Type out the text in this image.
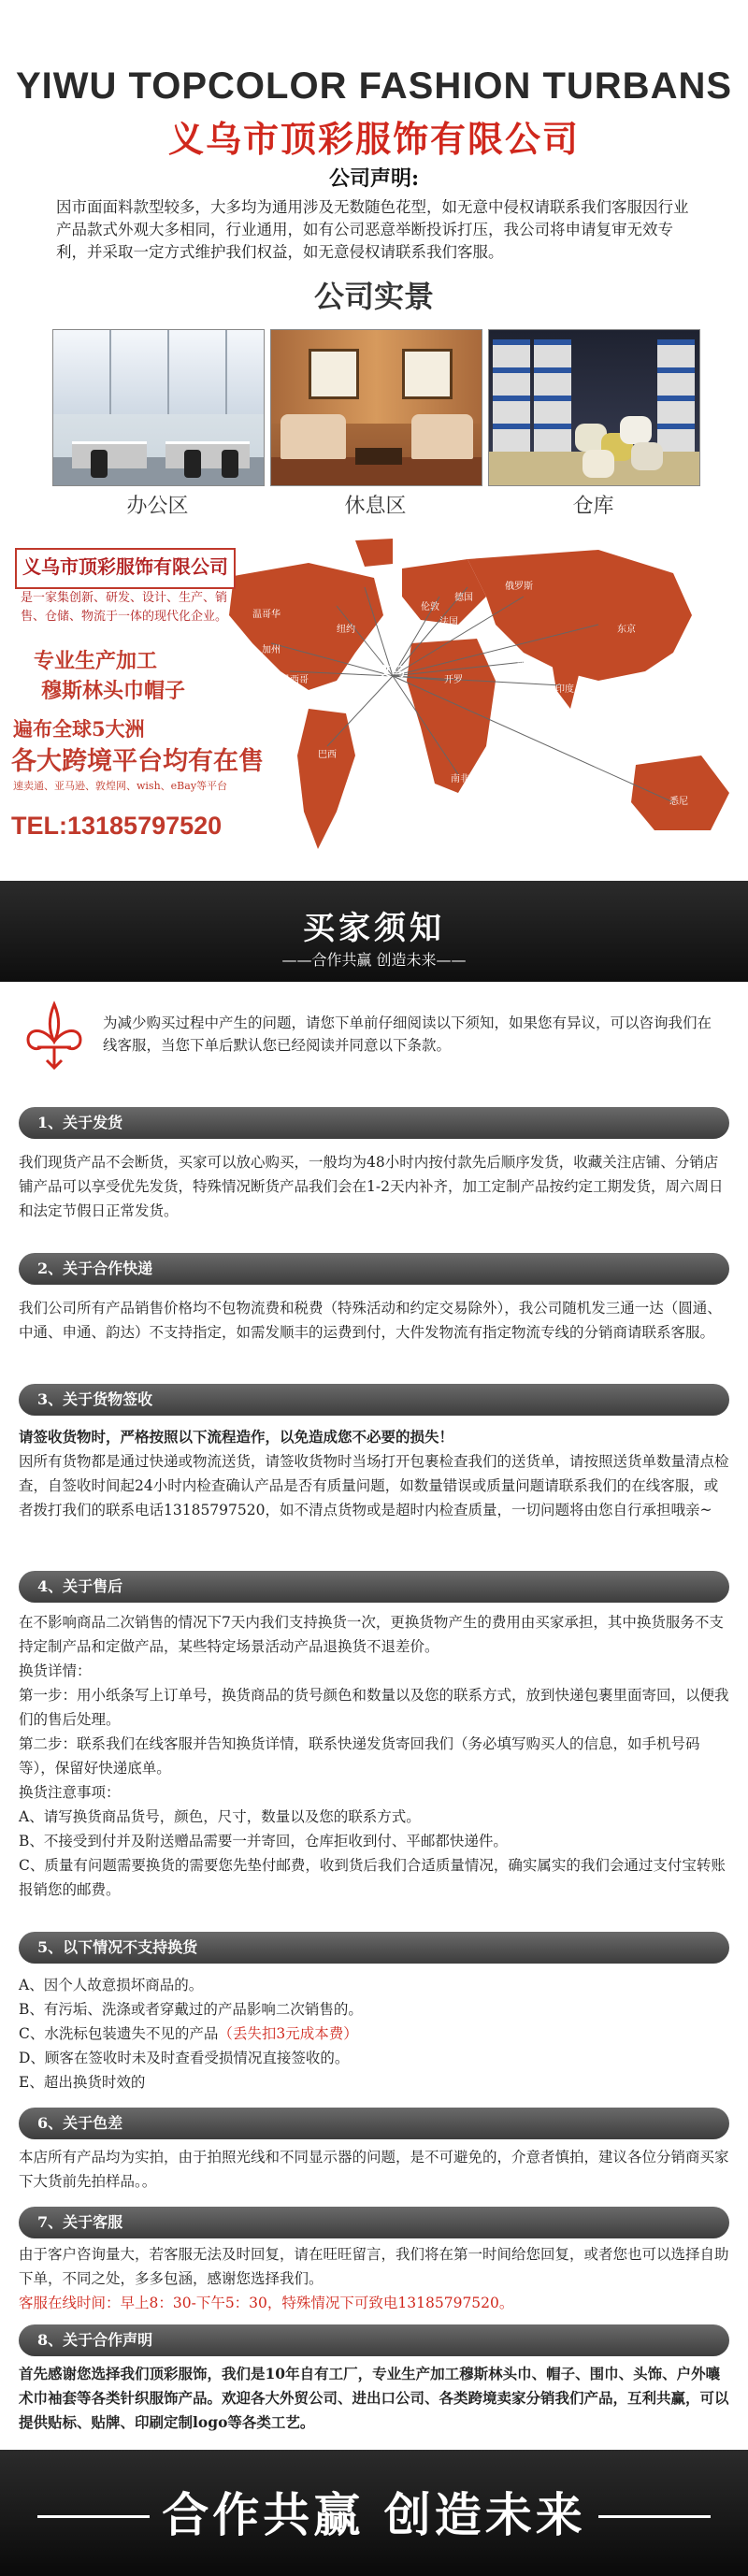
YIWU TOPCOLOR FASHION TURBANS
义乌市顶彩服饰有限公司
公司声明:
因市面面料款型较多，大多均为通用涉及无数随色花型，如无意中侵权请联系我们客服因行业产品款式外观大多相同，行业通用，如有公司恶意举断投诉打压，我公司将申请复审无效专利，并采取一定方式维护我们权益，如无意侵权请联系我们客服。
公司实景
办公区	休息区	仓库
义乌市顶彩服饰有限公司
是一家集创新、研发、设计、生产、销售、仓储、物流于一体的现代化企业。
专业生产加工
穆斯林头巾帽子
遍布全球5大洲
各大跨境平台均有在售
速卖通、亚马逊、敦煌网、wish、eBay等平台
TEL:13185797520
义乌
伦敦
法国
德国
俄罗斯
东京
温哥华
加州
纽约
墨西哥
巴西
悉尼
开罗
南非
印度
迪拜
买家须知
——合作共赢 创造未来——
为减少购买过程中产生的问题，请您下单前仔细阅读以下须知，如果您有异议，可以咨询我们在线客服，当您下单后默认您已经阅读并同意以下条款。
1、关于发货
我们现货产品不会断货，买家可以放心购买，一般均为48小时内按付款先后顺序发货，收藏关注店铺、分销店铺产品可以享受优先发货，特殊情况断货产品我们会在1-2天内补齐，加工定制产品按约定工期发货，周六周日和法定节假日正常发货。
2、关于合作快递
我们公司所有产品销售价格均不包物流费和税费（特殊活动和约定交易除外），我公司随机发三通一达（圆通、中通、申通、韵达）不支持指定，如需发顺丰的运费到付，大件发物流有指定物流专线的分销商请联系客服。
3、关于货物签收
请签收货物时，严格按照以下流程造作，以免造成您不必要的损失！
因所有货物都是通过快递或物流送货，请签收货物时当场打开包裹检查我们的送货单，请按照送货单数量清点检查，自签收时间起24小时内检查确认产品是否有质量问题，如数量错误或质量问题请联系我们的在线客服，或者拨打我们的联系电话13185797520，如不清点货物或是超时内检查质量，一切问题将由您自行承担哦亲~
4、关于售后
在不影响商品二次销售的情况下7天内我们支持换货一次，更换货物产生的费用由买家承担，其中换货服务不支持定制产品和定做产品，某些特定场景活动产品退换货不退差价。
换货详情：
第一步：用小纸条写上订单号，换货商品的货号颜色和数量以及您的联系方式，放到快递包裹里面寄回，以便我们的售后处理。
第二步：联系我们在线客服并告知换货详情，联系快递发货寄回我们（务必填写购买人的信息，如手机号码等），保留好快递底单。
换货注意事项：
A、请写换货商品货号，颜色，尺寸，数量以及您的联系方式。
B、不接受到付并及附送赠品需要一并寄回，仓库拒收到付、平邮都快递件。
C、质量有问题需要换货的需要您先垫付邮费，收到货后我们合适质量情况，确实属实的我们会通过支付宝转账报销您的邮费。
5、以下情况不支持换货
A、因个人故意损坏商品的。
B、有污垢、洗涤或者穿戴过的产品影响二次销售的。
C、水洗标包装遗失不见的产品（丢失扣3元成本费）
D、顾客在签收时未及时查看受损情况直接签收的。
E、超出换货时效的
6、关于色差
本店所有产品均为实拍，由于拍照光线和不同显示器的问题，是不可避免的，介意者慎拍，建议各位分销商买家下大货前先拍样品。。
7、关于客服
由于客户咨询量大，若客服无法及时回复，请在旺旺留言，我们将在第一时间给您回复，或者您也可以选择自助下单，不同之处，多多包涵，感谢您选择我们。
客服在线时间：早上8：30-下午5：30，特殊情况下可致电13185797520。
8、关于合作声明
首先感谢您选择我们顶彩服饰，我们是10年自有工厂，专业生产加工穆斯林头巾、帽子、围巾、头饰、户外嚷术巾袖套等各类针织服饰产品。欢迎各大外贸公司、进出口公司、各类跨境卖家分销我们产品，互利共赢，可以提供贴标、贴牌、印刷定制logo等各类工艺。
合作共赢 创造未来
